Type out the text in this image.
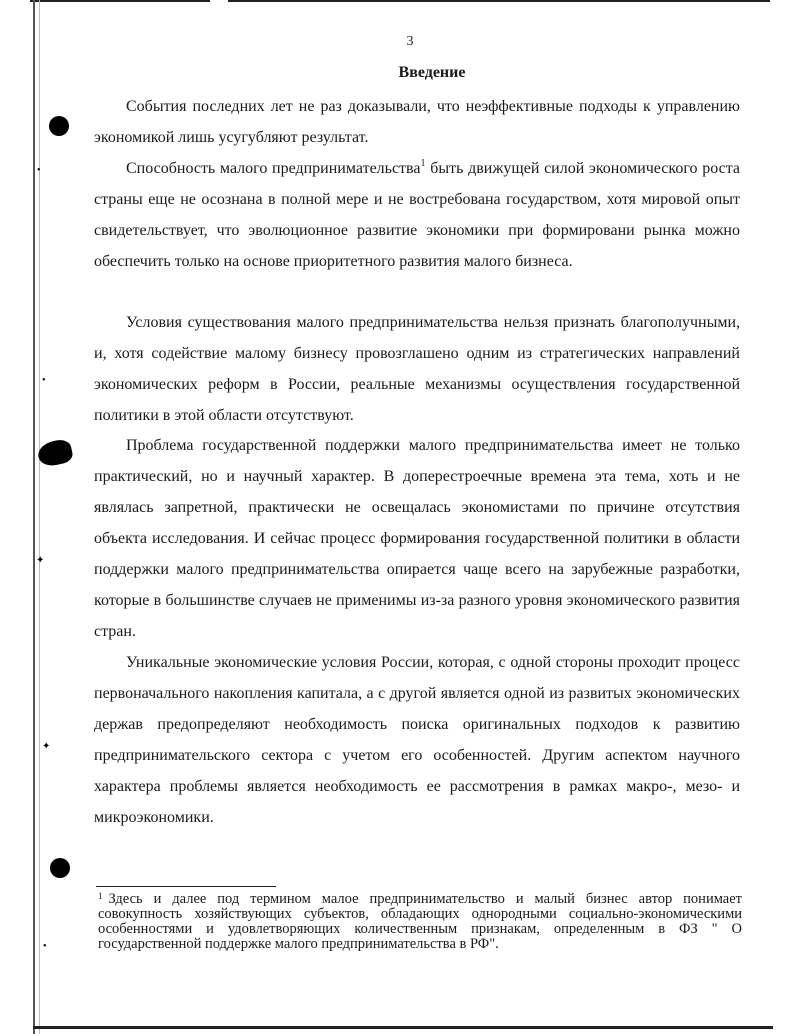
•
•
✦
✦
•
3
Введение
События последних лет не раз доказывали, что неэффективные подходы к управлению экономикой лишь усугубляют результат.
Способность малого предпринимательства$^1$ быть движущей силой экономического роста страны еще не осознана в полной мере и не востребована государством, хотя мировой опыт свидетельствует, что эволюционное развитие экономики при формировани рынка можно обеспечить только на основе приоритетного развития малого бизнеса.
Условия существования малого предпринимательства нельзя признать благополучными, и, хотя содействие малому бизнесу провозглашено одним из стратегических направлений экономических реформ в России, реальные механизмы осуществления государственной политики в этой области отсутствуют.
Проблема государственной поддержки малого предпринимательства имеет не только практический, но и научный характер. В доперестроечные времена эта тема, хоть и не являлась запретной, практически не освещалась экономистами по причине отсутствия объекта исследования. И сейчас процесс формирования государственной политики в области поддержки малого предпринимательства опирается чаще всего на зарубежные разработки, которые в большинстве случаев не применимы из-за разного уровня экономического развития стран.
Уникальные экономические условия России, которая, с одной стороны проходит процесс первоначального накопления капитала, а с другой является одной из развитых экономических держав предопределяют необходимость поиска оригинальных подходов к развитию предпринимательского сектора с учетом его особенностей. Другим аспектом научного характера проблемы является необходимость ее рассмотрения в рамках макро-, мезо- и микроэкономики.
$^1$ Здесь и далее под термином малое предпринимательство и малый бизнес автор понимает совокупность хозяйствующих субъектов, обладающих однородными социально-экономическими особенностями и удовлетворяющих количественным признакам, определенным в ФЗ " О государственной поддержке малого предпринимательства в РФ".
